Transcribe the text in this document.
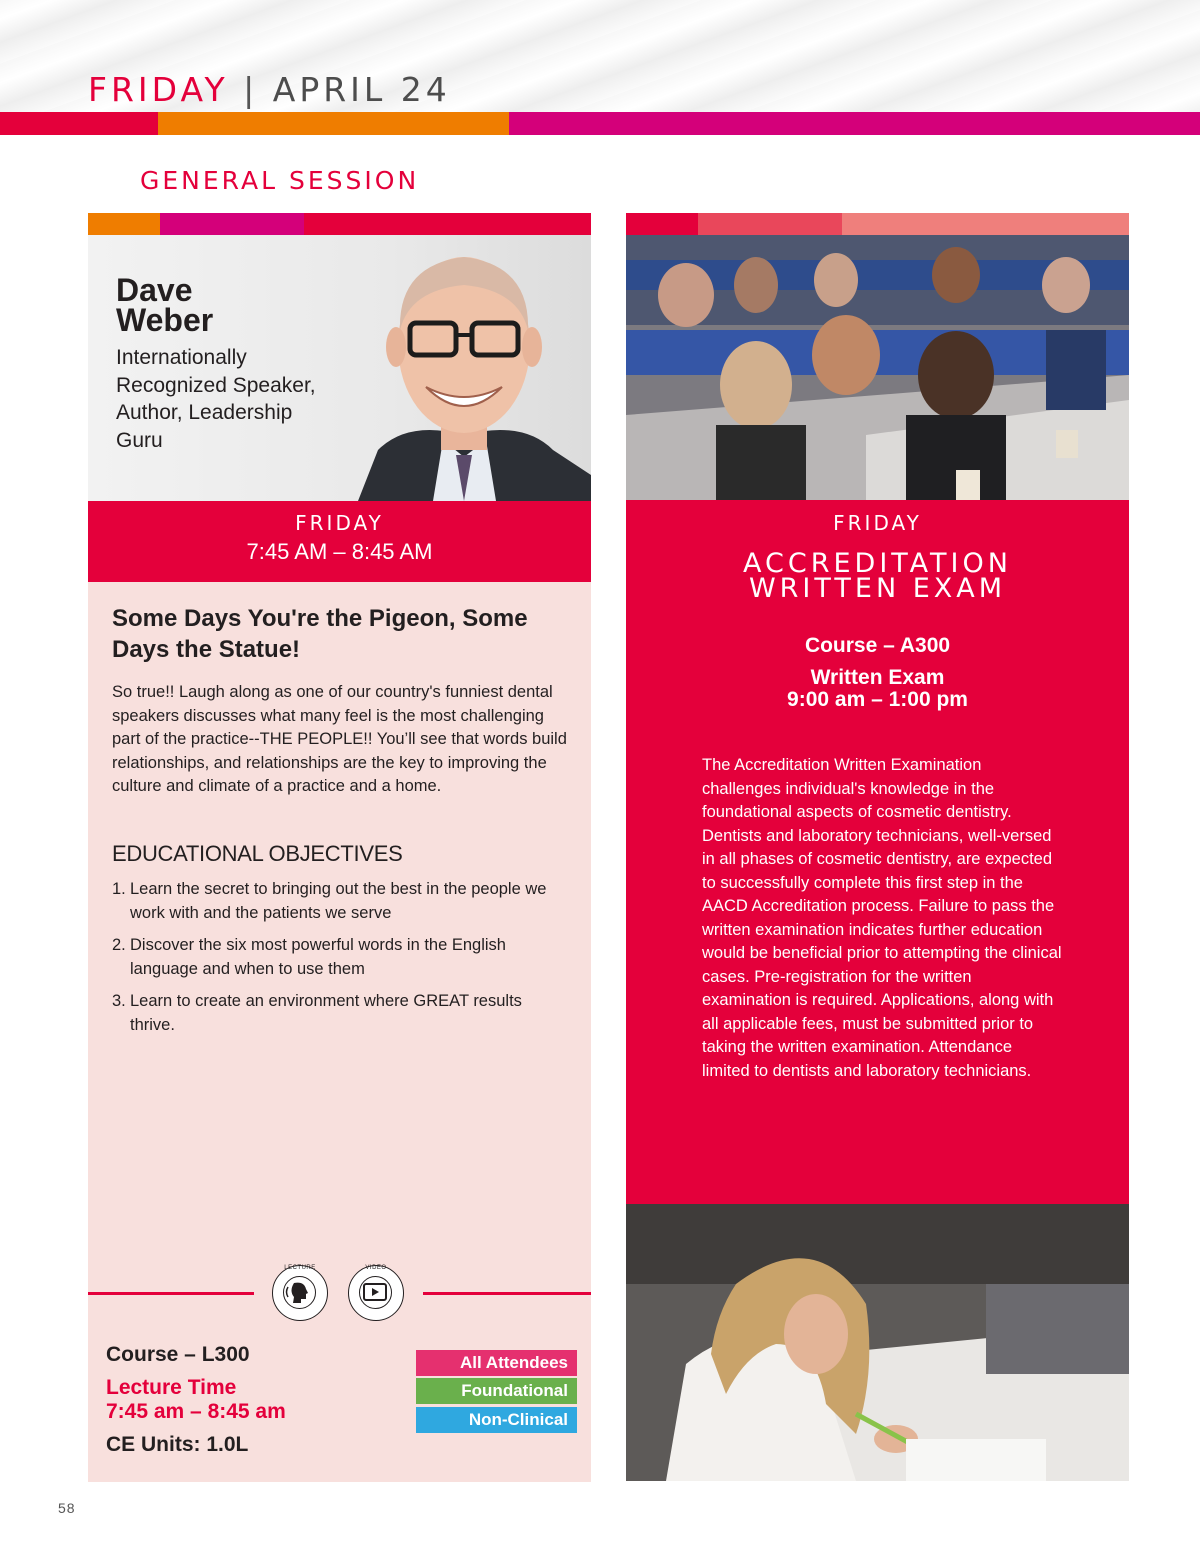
FRIDAY | APRIL 24
GENERAL SESSION
Dave
Weber
Internationally Recognized Speaker, Author, Leadership Guru
FRIDAY
7:45 AM – 8:45 AM
Some Days You're the Pigeon, Some Days the Statue!
So true!! Laugh along as one of our country's funniest dental speakers discusses what many feel is the most challenging part of the practice--THE PEOPLE!! You’ll see that words build relationships, and relationships are the key to improving the culture and climate of a practice and a home.
EDUCATIONAL OBJECTIVES
1. Learn the secret to bringing out the best in the people we work with and the patients we serve
2. Discover the six most powerful words in the English language and when to use them
3. Learn to create an environment where GREAT results thrive.
LECTURE	VIDEO
Course – L300
Lecture Time
7:45 am – 8:45 am
CE Units: 1.0L
All Attendees
Foundational
Non-Clinical
FRIDAY
ACCREDITATION
WRITTEN EXAM
Course – A300
Written Exam
9:00 am – 1:00 pm
The Accreditation Written Examination challenges individual's knowledge in the foundational aspects of cosmetic dentistry. Dentists and laboratory technicians, well-versed in all phases of cosmetic dentistry, are expected to successfully complete this first step in the AACD Accreditation process. Failure to pass the written examination indicates further education would be beneficial prior to attempting the clinical cases. Pre-registration for the written examination is required. Applications, along with all applicable fees, must be submitted prior to taking the written examination. Attendance limited to dentists and laboratory technicians.
58
